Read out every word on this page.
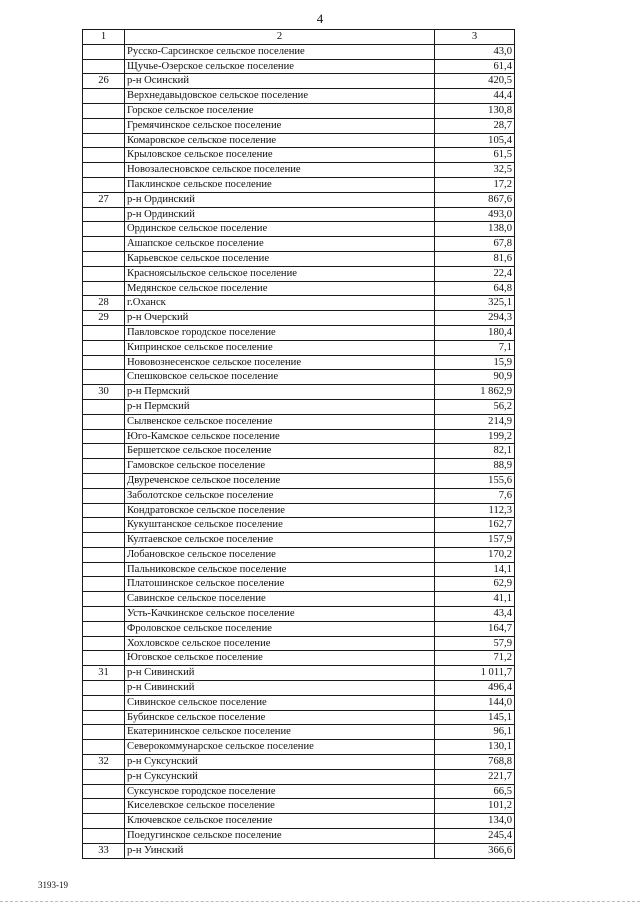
4
1	2	3
	Русско-Сарсинское сельское поселение	43,0
	Щучье-Озерское сельское поселение	61,4
26	р-н Осинский	420,5
	Верхнедавыдовское сельское поселение	44,4
	Горское сельское поселение	130,8
	Гремячинское сельское поселение	28,7
	Комаровское сельское поселение	105,4
	Крыловское сельское поселение	61,5
	Новозалесновское сельское поселение	32,5
	Паклинское сельское поселение	17,2
27	р-н Ординский	867,6
	р-н Ординский	493,0
	Ординское сельское поселение	138,0
	Ашапское сельское поселение	67,8
	Карьевское сельское поселение	81,6
	Красноясыльское сельское поселение	22,4
	Медянское сельское поселение	64,8
28	г.Оханск	325,1
29	р-н Очерский	294,3
	Павловское городское поселение	180,4
	Кипринское сельское поселение	7,1
	Нововознесенское сельское поселение	15,9
	Спешковское сельское поселение	90,9
30	р-н Пермский	1 862,9
	р-н Пермский	56,2
	Сылвенское сельское поселение	214,9
	Юго-Камское сельское поселение	199,2
	Бершетское сельское поселение	82,1
	Гамовское сельское поселение	88,9
	Двуреченское сельское поселение	155,6
	Заболотское сельское поселение	7,6
	Кондратовское сельское поселение	112,3
	Кукуштанское сельское поселение	162,7
	Култаевское сельское поселение	157,9
	Лобановское сельское поселение	170,2
	Пальниковское сельское поселение	14,1
	Платошинское сельское поселение	62,9
	Савинское сельское поселение	41,1
	Усть-Качкинское сельское поселение	43,4
	Фроловское сельское поселение	164,7
	Хохловское сельское поселение	57,9
	Юговское сельское поселение	71,2
31	р-н Сивинский	1 011,7
	р-н Сивинский	496,4
	Сивинское сельское поселение	144,0
	Бубинское сельское поселение	145,1
	Екатерининское сельское поселение	96,1
	Северокоммунарское сельское поселение	130,1
32	р-н Суксунский	768,8
	р-н Суксунский	221,7
	Суксунское городское поселение	66,5
	Киселевское сельское поселение	101,2
	Ключевское сельское поселение	134,0
	Поедугинское сельское поселение	245,4
33	р-н Уинский	366,6
3193-19
